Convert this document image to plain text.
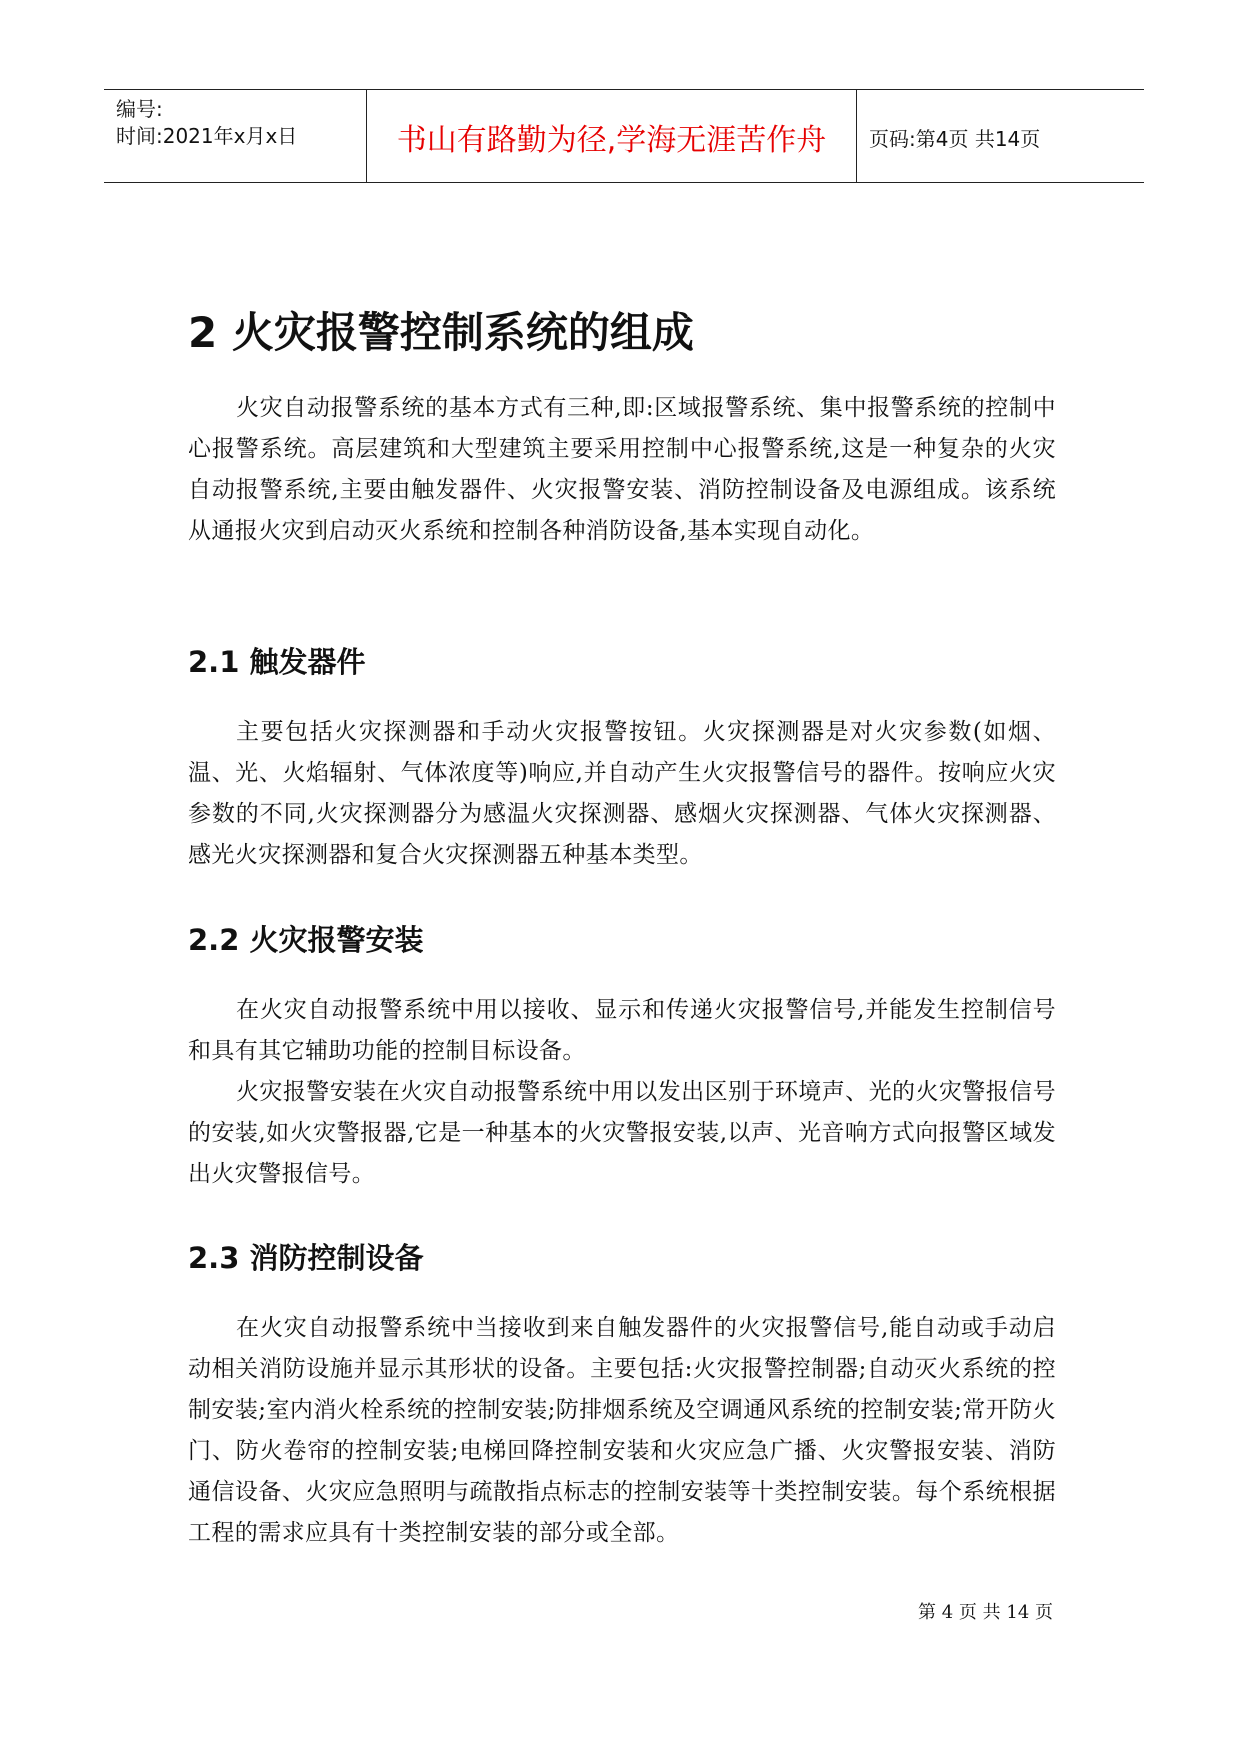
编号:
时间:2021年x月x日	书山有路勤为径,学海无涯苦作舟	页码:第4页 共14页
2 火灾报警控制系统的组成

火灾自动报警系统的基本方式有三种,即:区域报警系统、集中报警系统的控制中心报警系统。高层建筑和大型建筑主要采用控制中心报警系统,这是一种复杂的火灾自动报警系统,主要由触发器件、火灾报警安装、消防控制设备及电源组成。该系统从通报火灾到启动灭火系统和控制各种消防设备,基本实现自动化。

2.1 触发器件

主要包括火灾探测器和手动火灾报警按钮。火灾探测器是对火灾参数(如烟、温、光、火焰辐射、气体浓度等)响应,并自动产生火灾报警信号的器件。按响应火灾参数的不同,火灾探测器分为感温火灾探测器、感烟火灾探测器、气体火灾探测器、感光火灾探测器和复合火灾探测器五种基本类型。

2.2 火灾报警安装

在火灾自动报警系统中用以接收、显示和传递火灾报警信号,并能发生控制信号和具有其它辅助功能的控制目标设备。

火灾报警安装在火灾自动报警系统中用以发出区别于环境声、光的火灾警报信号的安装,如火灾警报器,它是一种基本的火灾警报安装,以声、光音响方式向报警区域发出火灾警报信号。

2.3 消防控制设备

在火灾自动报警系统中当接收到来自触发器件的火灾报警信号,能自动或手动启动相关消防设施并显示其形状的设备。主要包括:火灾报警控制器;自动灭火系统的控制安装;室内消火栓系统的控制安装;防排烟系统及空调通风系统的控制安装;常开防火门、防火卷帘的控制安装;电梯回降控制安装和火灾应急广播、火灾警报安装、消防通信设备、火灾应急照明与疏散指点标志的控制安装等十类控制安装。每个系统根据工程的需求应具有十类控制安装的部分或全部。

第 4 页 共 14 页
